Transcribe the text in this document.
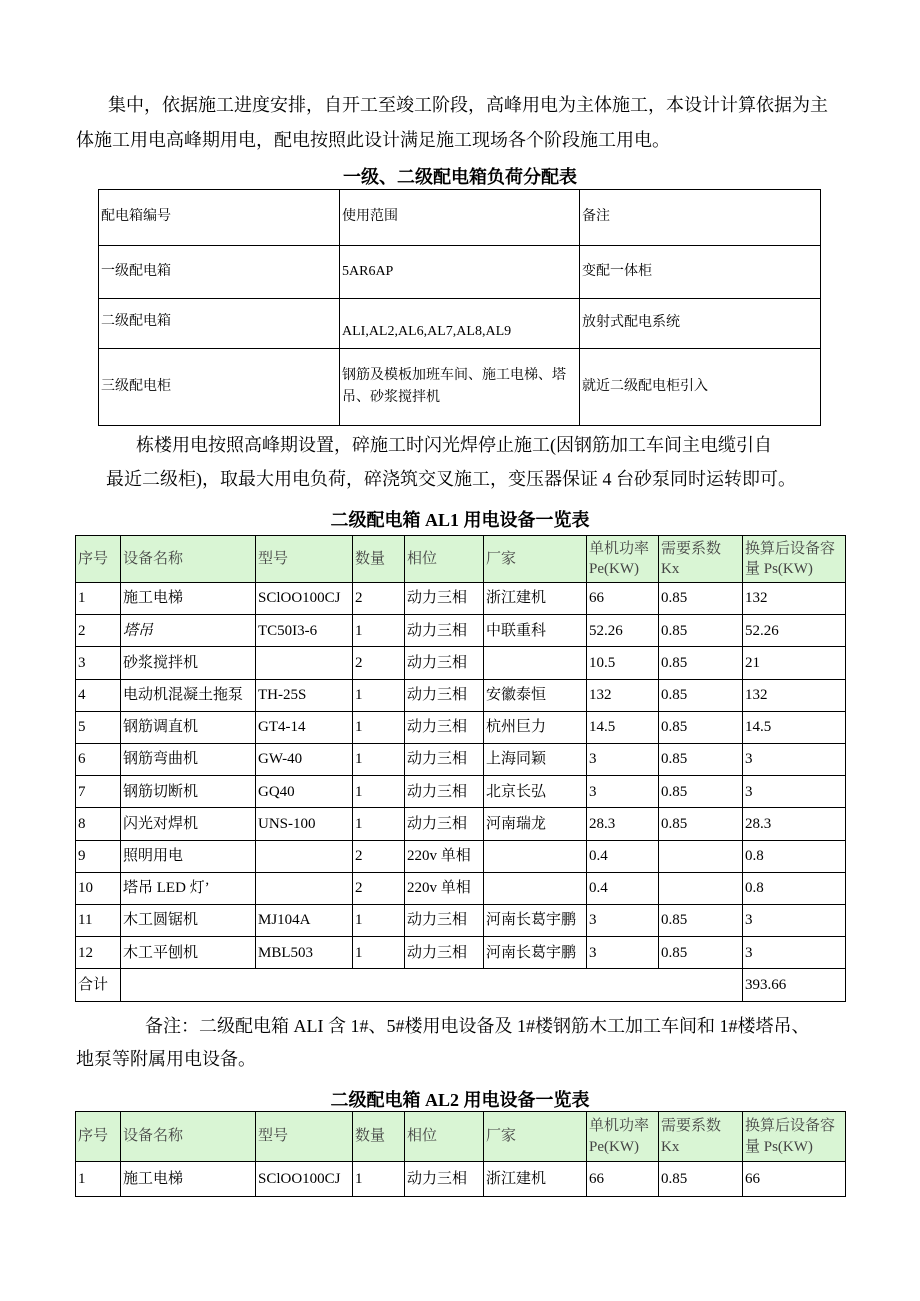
集中，依据施工进度安排，自开工至竣工阶段，高峰用电为主体施工，本设计计算依据为主
体施工用电高峰期用电，配电按照此设计满足施工现场各个阶段施工用电。
一级、二级配电箱负荷分配表
配电箱编号	使用范围	备注
一级配电箱	5AR6AP	变配一体柜
二级配电箱	ALI,AL2,AL6,AL7,AL8,AL9	放射式配电系统
三级配电柜	钢筋及模板加班车间、施工电梯、塔吊、砂浆搅拌机	就近二级配电柜引入
栋楼用电按照高峰期设置，碎施工时闪光焊停止施工(因钢筋加工车间主电缆引自
最近二级柜)，取最大用电负荷，碎浇筑交叉施工，变压器保证 4 台砂泵同时运转即可。
二级配电箱 AL1 用电设备一览表
序号	设备名称	型号	数量	相位	厂家	单机功率 Pe(KW)	需要系数 Kx	换算后设备容量 Ps(KW)
1	施工电梯	SClOO100CJ	2	动力三相	浙江建机	66	0.85	132
2	塔吊	TC50I3-6	1	动力三相	中联重科	52.26	0.85	52.26
3	砂浆搅拌机		2	动力三相		10.5	0.85	21
4	电动机混凝土拖泵	TH-25S	1	动力三相	安徽泰恒	132	0.85	132
5	钢筋调直机	GT4-14	1	动力三相	杭州巨力	14.5	0.85	14.5
6	钢筋弯曲机	GW-40	1	动力三相	上海同颖	3	0.85	3
7	钢筋切断机	GQ40	1	动力三相	北京长弘	3	0.85	3
8	闪光对焊机	UNS-100	1	动力三相	河南瑞龙	28.3	0.85	28.3
9	照明用电		2	220v 单相		0.4		0.8
10	塔吊 LED 灯’		2	220v 单相		0.4		0.8
11	木工圆锯机	MJ104A	1	动力三相	河南长葛宇鹏	3	0.85	3
12	木工平刨机	MBL503	1	动力三相	河南长葛宇鹏	3	0.85	3
合计								393.66
备注：二级配电箱 ALI 含 1#、5#楼用电设备及 1#楼钢筋木工加工车间和 1#楼塔吊、
地泵等附属用电设备。
二级配电箱 AL2 用电设备一览表
序号	设备名称	型号	数量	相位	厂家	单机功率 Pe(KW)	需要系数 Kx	换算后设备容量 Ps(KW)
1	施工电梯	SClOO100CJ	1	动力三相	浙江建机	66	0.85	66
